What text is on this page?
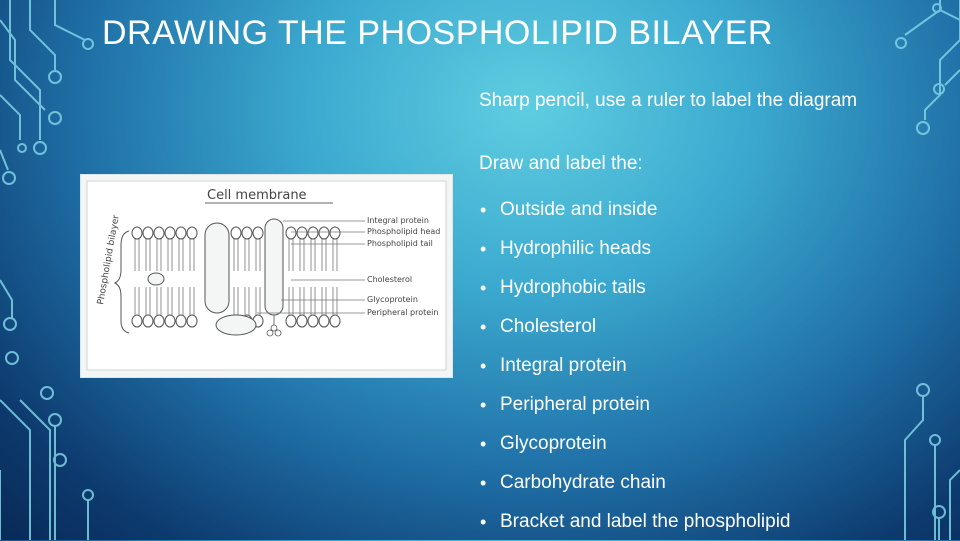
DRAWING THE PHOSPHOLIPID BILAYER
Sharp pencil, use a ruler to label the diagram
Draw and label the:
• Outside and inside
• Hydrophilic heads
• Hydrophobic tails
• Cholesterol
• Integral protein
• Peripheral protein
• Glycoprotein
• Carbohydrate chain
• Bracket and label the phospholipid
Cell membrane
Phospholipid bilayer	Integral protein
Phospholipid head
Phospholipid tail
Cholesterol
Glycoprotein
Peripheral protein
